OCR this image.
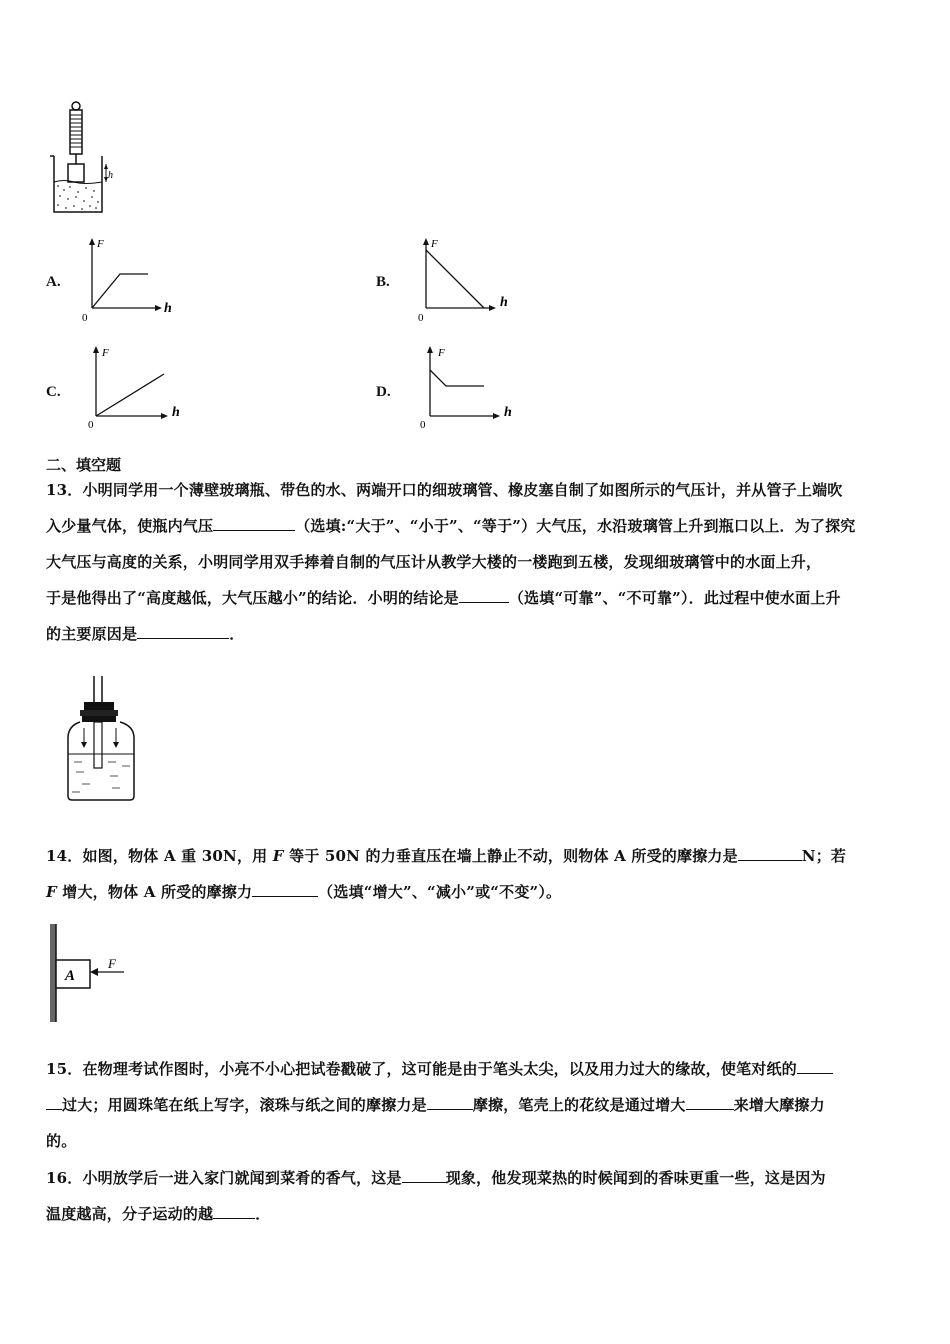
h
A.
F
h
0
B.
F
h
0
C.
F
h
0
D.
F
h
0
二、填空题
13．小明同学用一个薄壁玻璃瓶、带色的水、两端开口的细玻璃管、橡皮塞自制了如图所示的气压计，并从管子上端吹
入少量气体，使瓶内气压	（选填:“大于”、“小于”、“等于”）大气压，水沿玻璃管上升到瓶口以上．为了探究
大气压与高度的关系，小明同学用双手捧着自制的气压计从教学大楼的一楼跑到五楼，发现细玻璃管中的水面上升，
于是他得出了“高度越低，大气压越小”的结论．小明的结论是	（选填“可靠”、“不可靠”）．此过程中使水面上升
的主要原因是	．
14．如图，物体 A 重 30N，用 F 等于 50N 的力垂直压在墙上静止不动，则物体 A 所受的摩擦力是	N；若
F 增大，物体 A 所受的摩擦力	（选填“增大”、“减小”或“不变”）。
A
F
15．在物理考试作图时，小亮不小心把试卷戳破了，这可能是由于笔头太尖，以及用力过大的缘故，使笔对纸的
过大；用圆珠笔在纸上写字，滚珠与纸之间的摩擦力是	摩擦，笔壳上的花纹是通过增大	来增大摩擦力
的。
16．小明放学后一进入家门就闻到菜肴的香气，这是	现象，他发现菜热的时候闻到的香味更重一些，这是因为
温度越高，分子运动的越	．
